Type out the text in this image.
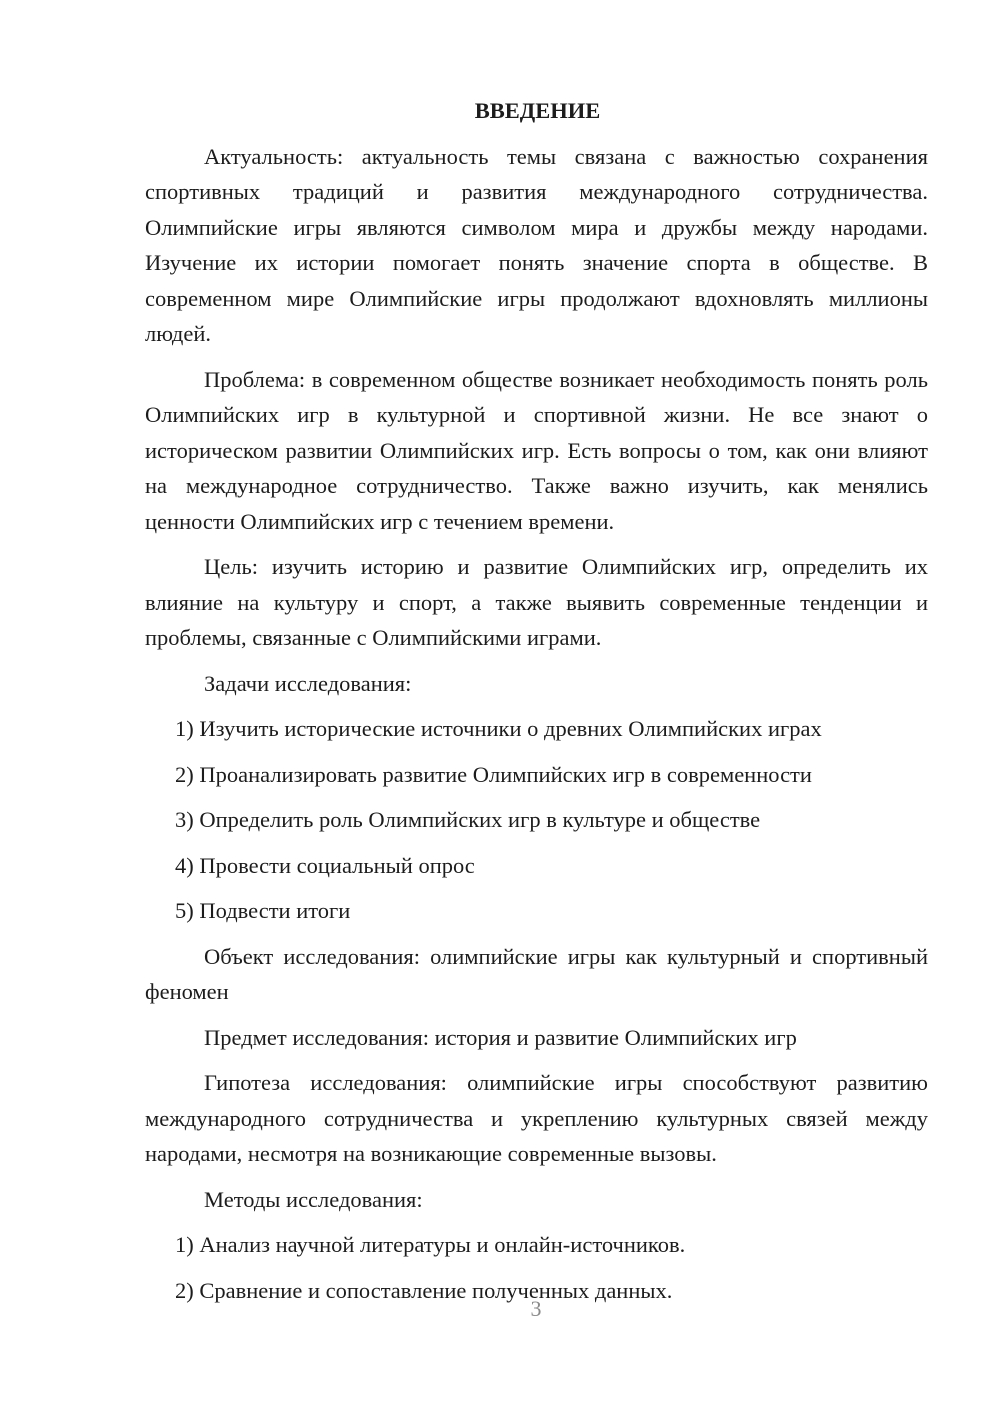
ВВЕДЕНИЕ

Актуальность: актуальность темы связана с важностью сохранения спортивных традиций и развития международного сотрудничества. Олимпийские игры являются символом мира и дружбы между народами. Изучение их истории помогает понять значение спорта в обществе. В современном мире Олимпийские игры продолжают вдохновлять миллионы людей.

Проблема: в современном обществе возникает необходимость понять роль Олимпийских игр в культурной и спортивной жизни. Не все знают о историческом развитии Олимпийских игр. Есть вопросы о том, как они влияют на международное сотрудничество. Также важно изучить, как менялись ценности Олимпийских игр с течением времени.

Цель: изучить историю и развитие Олимпийских игр, определить их влияние на культуру и спорт, а также выявить современные тенденции и проблемы, связанные с Олимпийскими играми.

Задачи исследования:

1) Изучить исторические источники о древних Олимпийских играх
2) Проанализировать развитие Олимпийских игр в современности
3) Определить роль Олимпийских игр в культуре и обществе
4) Провести социальный опрос
5) Подвести итоги

Объект исследования: олимпийские игры как культурный и спортивный феномен

Предмет исследования: история и развитие Олимпийских игр

Гипотеза исследования: олимпийские игры способствуют развитию международного сотрудничества и укреплению культурных связей между народами, несмотря на возникающие современные вызовы.

Методы исследования:

1) Анализ научной литературы и онлайн-источников.
2) Сравнение и сопоставление полученных данных.
3
